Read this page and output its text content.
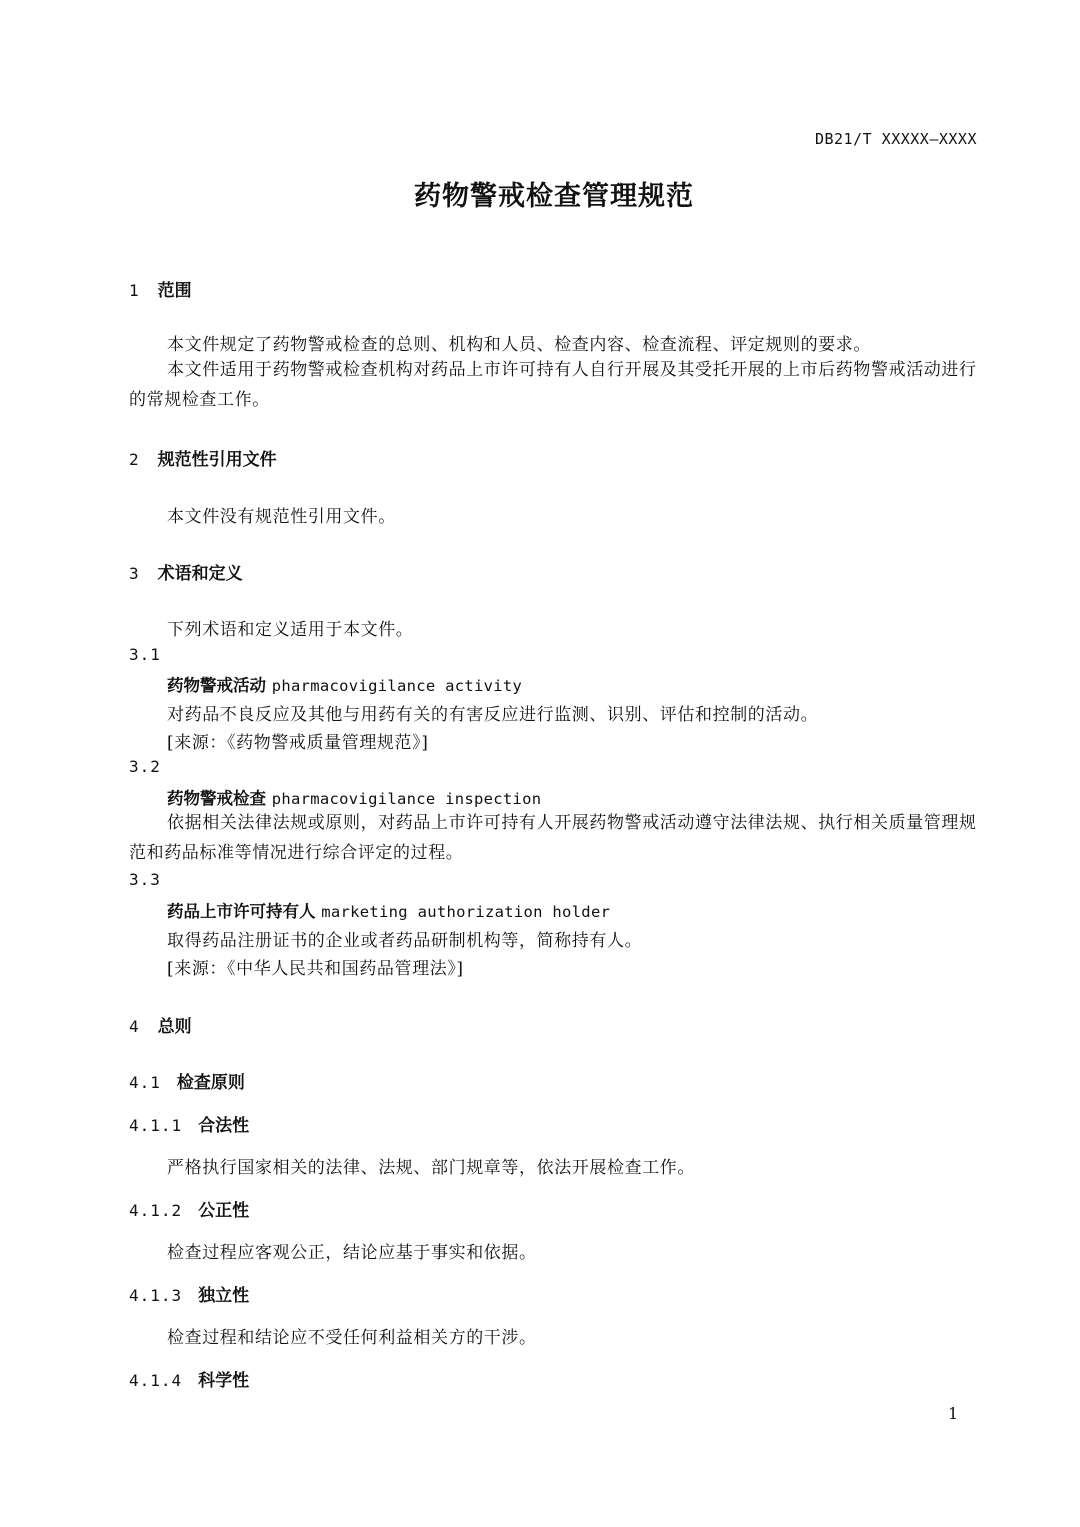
DB21/T XXXXX—XXXX
药物警戒检查管理规范
1 范围
本文件规定了药物警戒检查的总则、机构和人员、检查内容、检查流程、评定规则的要求。
本文件适用于药物警戒检查机构对药品上市许可持有人自行开展及其受托开展的上市后药物警戒活动进行的常规检查工作。
2 规范性引用文件
本文件没有规范性引用文件。
3 术语和定义
下列术语和定义适用于本文件。
3.1
药物警戒活动 pharmacovigilance activity
对药品不良反应及其他与用药有关的有害反应进行监测、识别、评估和控制的活动。
[来源：《药物警戒质量管理规范》]
3.2
药物警戒检查 pharmacovigilance inspection
依据相关法律法规或原则，对药品上市许可持有人开展药物警戒活动遵守法律法规、执行相关质量管理规范和药品标准等情况进行综合评定的过程。
3.3
药品上市许可持有人 marketing authorization holder
取得药品注册证书的企业或者药品研制机构等，简称持有人。
[来源：《中华人民共和国药品管理法》]
4 总则
4.1 检查原则
4.1.1 合法性
严格执行国家相关的法律、法规、部门规章等，依法开展检查工作。
4.1.2 公正性
检查过程应客观公正，结论应基于事实和依据。
4.1.3 独立性
检查过程和结论应不受任何利益相关方的干涉。
4.1.4 科学性
1
